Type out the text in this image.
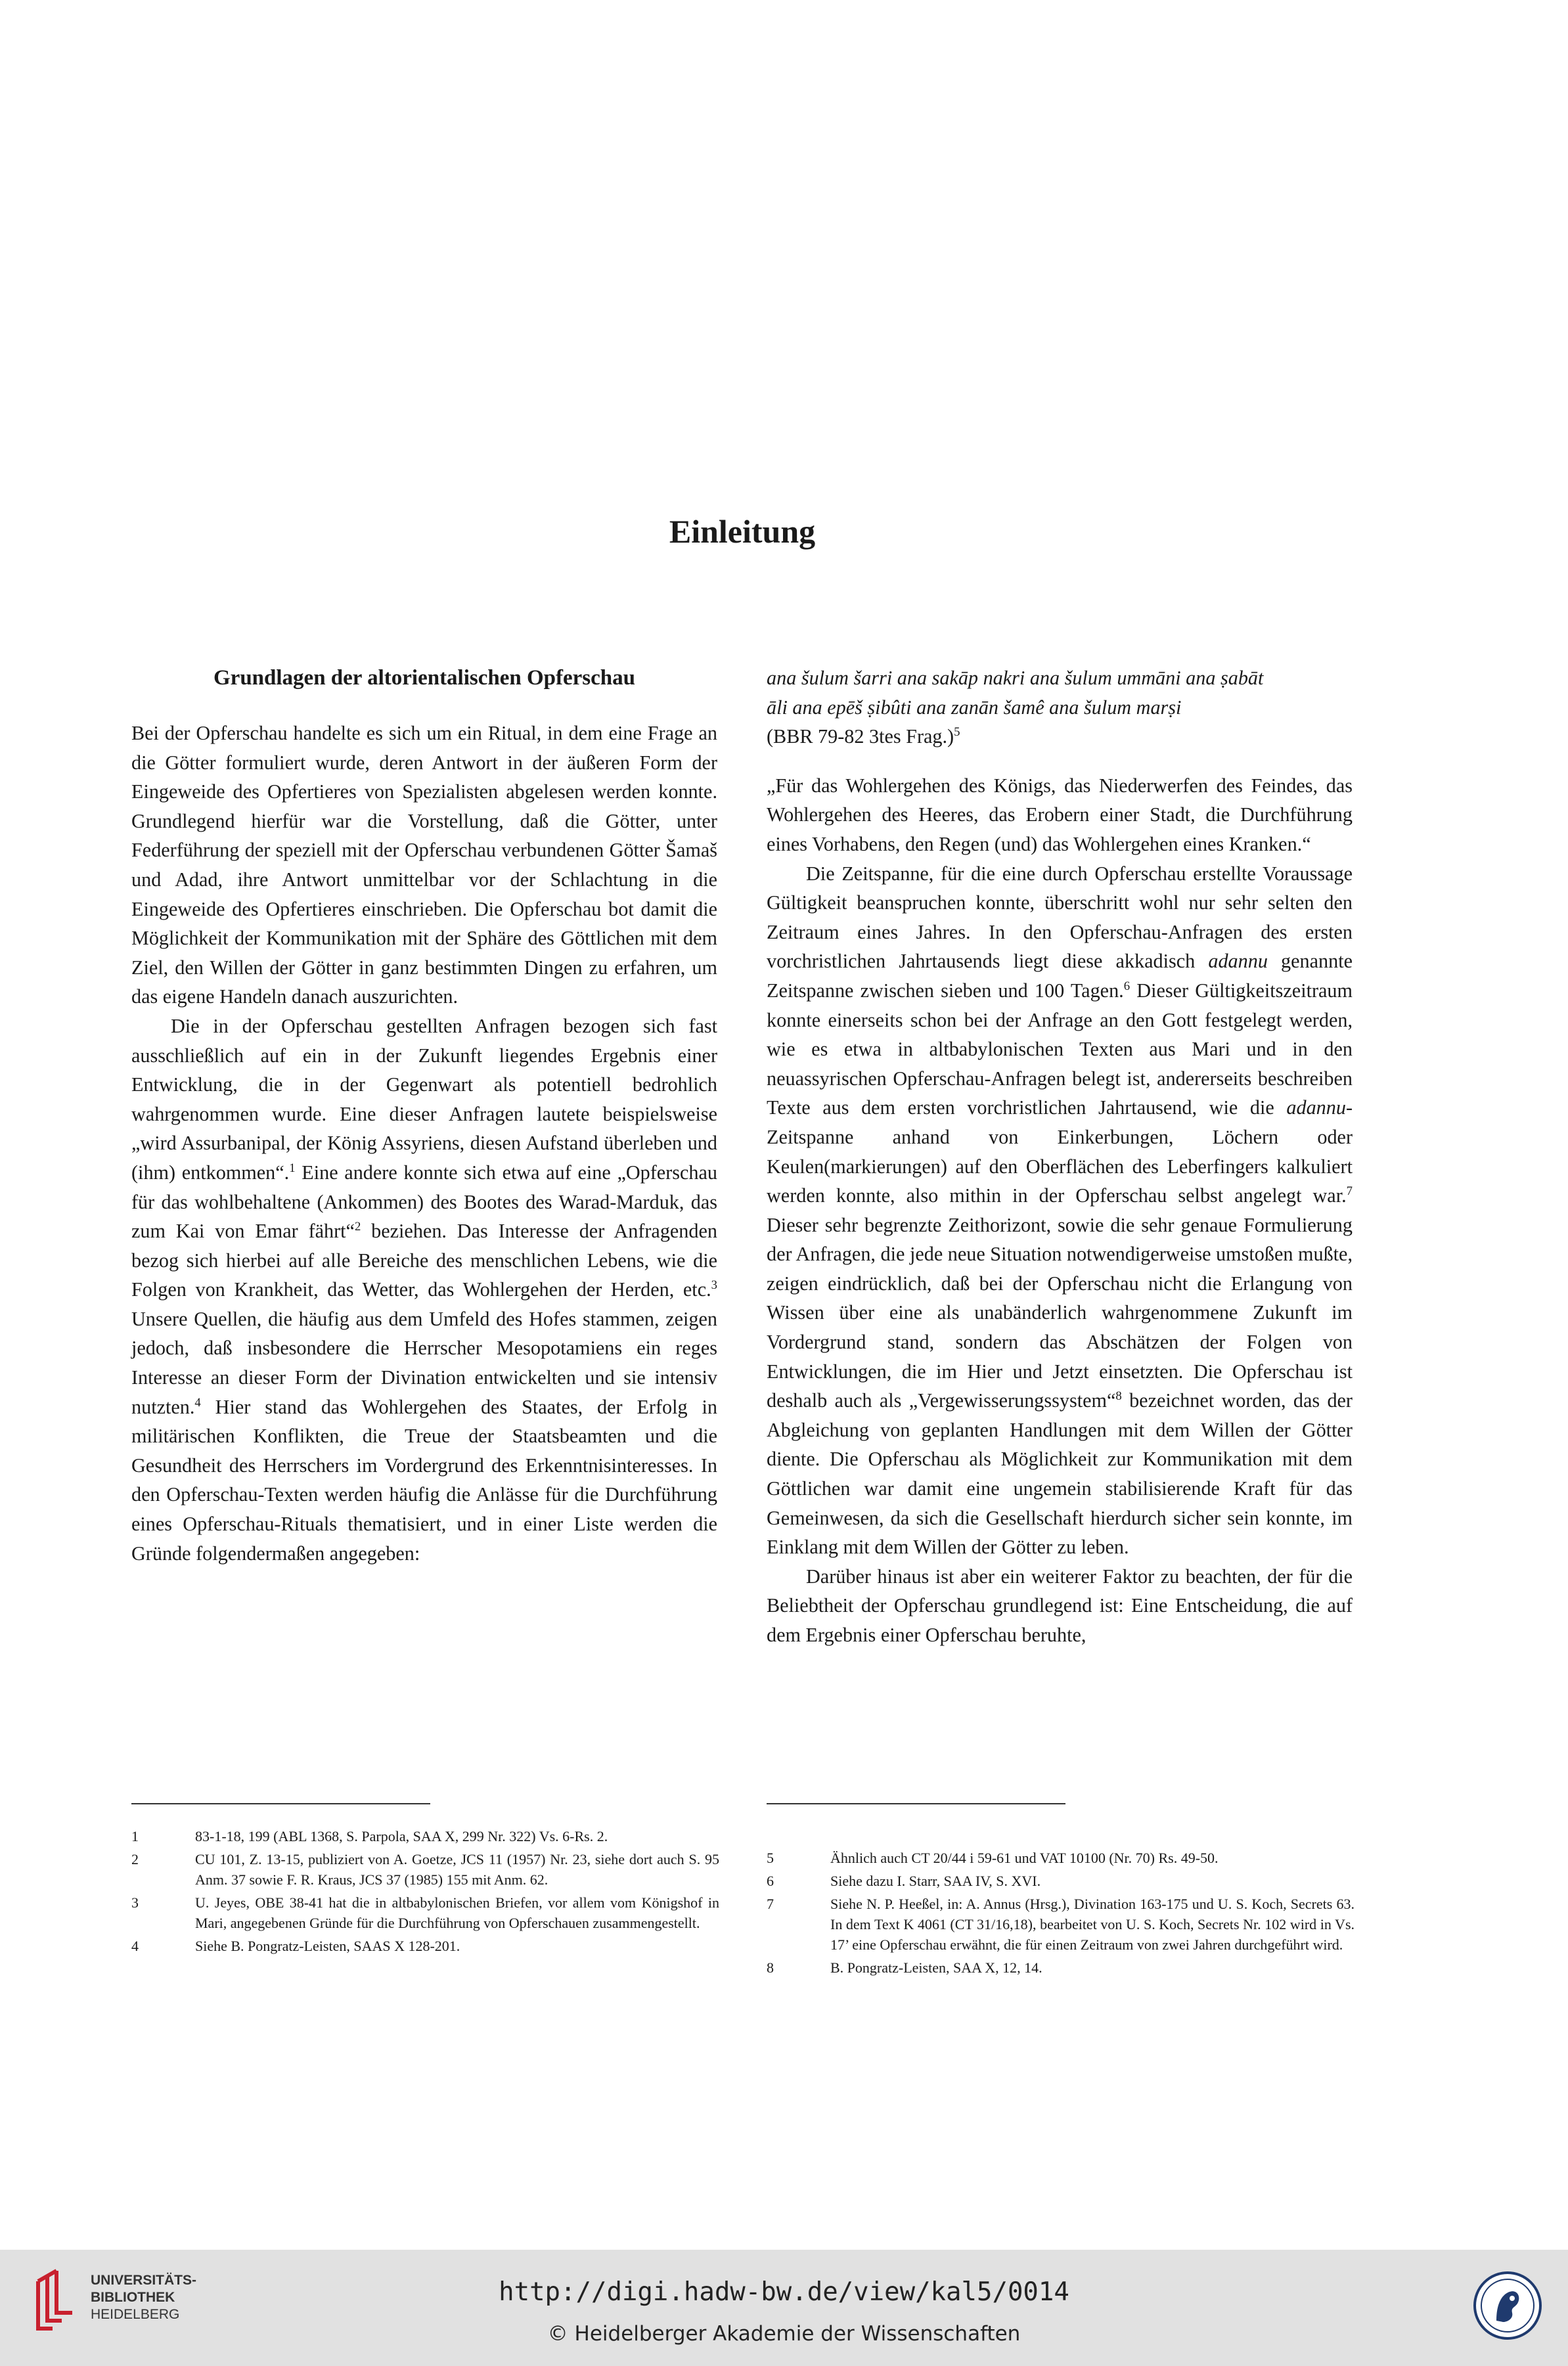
Einleitung
Grundlagen der altorientalischen Opferschau

Bei der Opferschau handelte es sich um ein Ritual, in dem eine Frage an die Götter formuliert wurde, deren Antwort in der äußeren Form der Eingeweide des Opfertieres von Spezialisten abgelesen werden konnte. Grundlegend hierfür war die Vorstellung, daß die Götter, unter Federführung der speziell mit der Opferschau verbundenen Götter Šamaš und Adad, ihre Antwort unmittelbar vor der Schlachtung in die Eingeweide des Opfertieres einschrieben. Die Opferschau bot damit die Möglichkeit der Kommunikation mit der Sphäre des Göttlichen mit dem Ziel, den Willen der Götter in ganz bestimmten Dingen zu erfahren, um das eigene Handeln danach auszurichten.

Die in der Opferschau gestellten Anfragen bezogen sich fast ausschließlich auf ein in der Zukunft liegendes Ergebnis einer Entwicklung, die in der Gegenwart als potentiell bedrohlich wahrgenommen wurde. Eine dieser Anfragen lautete beispielsweise „wird Assurbanipal, der König Assyriens, diesen Aufstand überleben und (ihm) entkommen“.$^1$ Eine andere konnte sich etwa auf eine „Opferschau für das wohlbehaltene (Ankommen) des Bootes des Warad-Marduk, das zum Kai von Emar fährt“$^2$ beziehen. Das Interesse der Anfragenden bezog sich hierbei auf alle Bereiche des menschlichen Lebens, wie die Folgen von Krankheit, das Wetter, das Wohlergehen der Herden, etc.$^3$ Unsere Quellen, die häufig aus dem Umfeld des Hofes stammen, zeigen jedoch, daß insbesondere die Herrscher Mesopotamiens ein reges Interesse an dieser Form der Divination entwickelten und sie intensiv nutzten.$^4$ Hier stand das Wohlergehen des Staates, der Erfolg in militärischen Konflikten, die Treue der Staatsbeamten und die Gesundheit des Herrschers im Vordergrund des Erkenntnisinteresses. In den Opferschau-Texten werden häufig die Anlässe für die Durchführung eines Opferschau-Rituals thematisiert, und in einer Liste werden die Gründe folgendermaßen angegeben:

ana šulum šarri ana sakāp nakri ana šulum ummāni ana ṣabāt
āli ana epēš ṣibûti ana zanān šamê ana šulum marṣi
(BBR 79-82 3tes Frag.)$^5$

„Für das Wohlergehen des Königs, das Niederwerfen des Feindes, das Wohlergehen des Heeres, das Erobern einer Stadt, die Durchführung eines Vorhabens, den Regen (und) das Wohlergehen eines Kranken.“

Die Zeitspanne, für die eine durch Opferschau erstellte Voraussage Gültigkeit beanspruchen konnte, überschritt wohl nur sehr selten den Zeitraum eines Jahres. In den Opferschau-Anfragen des ersten vorchristlichen Jahrtausends liegt diese akkadisch adannu genannte Zeitspanne zwischen sieben und 100 Tagen.$^6$ Dieser Gültigkeitszeitraum konnte einerseits schon bei der Anfrage an den Gott festgelegt werden, wie es etwa in altbabylonischen Texten aus Mari und in den neuassyrischen Opferschau-Anfragen belegt ist, andererseits beschreiben Texte aus dem ersten vorchristlichen Jahrtausend, wie die adannu-Zeitspanne anhand von Einkerbungen, Löchern oder Keulen(markierungen) auf den Oberflächen des Leberfingers kalkuliert werden konnte, also mithin in der Opferschau selbst angelegt war.$^7$ Dieser sehr begrenzte Zeithorizont, sowie die sehr genaue Formulierung der Anfragen, die jede neue Situation notwendigerweise umstoßen mußte, zeigen eindrücklich, daß bei der Opferschau nicht die Erlangung von Wissen über eine als unabänderlich wahrgenommene Zukunft im Vordergrund stand, sondern das Abschätzen der Folgen von Entwicklungen, die im Hier und Jetzt einsetzten. Die Opferschau ist deshalb auch als „Vergewisserungssystem“$^8$ bezeichnet worden, das der Abgleichung von geplanten Handlungen mit dem Willen der Götter diente. Die Opferschau als Möglichkeit zur Kommunikation mit dem Göttlichen war damit eine ungemein stabilisierende Kraft für das Gemeinwesen, da sich die Gesellschaft hierdurch sicher sein konnte, im Einklang mit dem Willen der Götter zu leben.

Darüber hinaus ist aber ein weiterer Faktor zu beachten, der für die Beliebtheit der Opferschau grundlegend ist: Eine Entscheidung, die auf dem Ergebnis einer Opferschau beruhte,

1	83-1-18, 199 (ABL 1368, S. Parpola, SAA X, 299 Nr. 322) Vs. 6-Rs. 2.
2	CU 101, Z. 13-15, publiziert von A. Goetze, JCS 11 (1957) Nr. 23, siehe dort auch S. 95 Anm. 37 sowie F. R. Kraus, JCS 37 (1985) 155 mit Anm. 62.
3	U. Jeyes, OBE 38-41 hat die in altbabylonischen Briefen, vor allem vom Königshof in Mari, angegebenen Gründe für die Durchführung von Opferschauen zusammengestellt.
4	Siehe B. Pongratz-Leisten, SAAS X 128-201.
5	Ähnlich auch CT 20/44 i 59-61 und VAT 10100 (Nr. 70) Rs. 49-50.
6	Siehe dazu I. Starr, SAA IV, S. XVI.
7	Siehe N. P. Heeßel, in: A. Annus (Hrsg.), Divination 163-175 und U. S. Koch, Secrets 63. In dem Text K 4061 (CT 31/16,18), bearbeitet von U. S. Koch, Secrets Nr. 102 wird in Vs. 17’ eine Opferschau erwähnt, die für einen Zeitraum von zwei Jahren durchgeführt wird.
8	B. Pongratz-Leisten, SAA X, 12, 14.
UNIVERSITÄTS-
BIBLIOTHEK
HEIDELBERG
http://digi.hadw-bw.de/view/kal5/0014
© Heidelberger Akademie der Wissenschaften
